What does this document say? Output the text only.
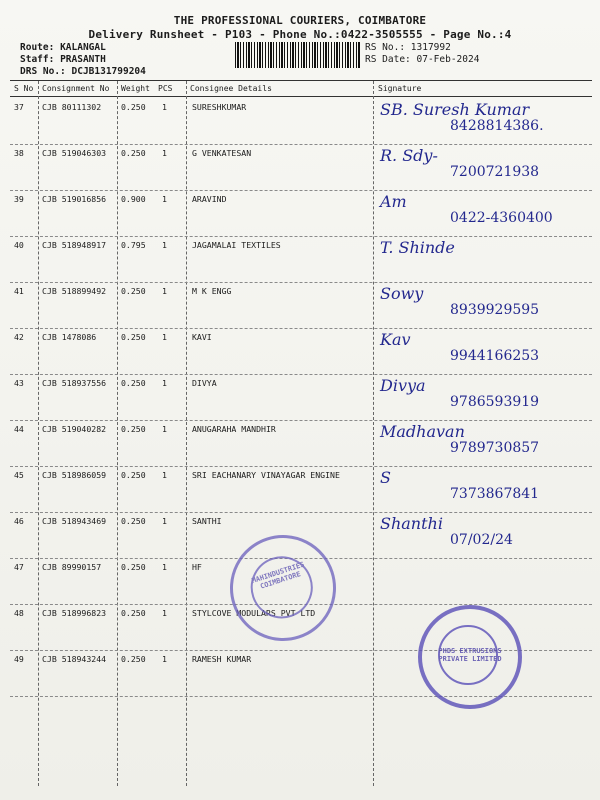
THE PROFESSIONAL COURIERS, COIMBATORE
Delivery Runsheet - P103 - Phone No.:0422-3505555 - Page No.:4
Route: KALANGAL
Staff: PRASANTH
DRS No.: DCJB131799204
RS No.: 1317992
RS Date: 07-Feb-2024
S No Consignment No Weight PCS Consignee Details	Signature
37 CJB 80111302 0.250 1	SURESHKUMAR	SB. Suresh Kumar
8428814386.
38 CJB 519046303 0.250 1	G VENKATESAN	R. Sdy-
7200721938
39 CJB 519016856 0.900 1	ARAVIND	Am
0422-4360400
40 CJB 518948917 0.795 1	JAGAMALAI TEXTILES	T. Shinde
41 CJB 518899492 0.250 1	M K ENGG	Sowy
8939929595
42 CJB 1478086	0.250 1	KAVI	Kav
9944166253
43 CJB 518937556 0.250 1	DIVYA	Divya
9786593919
44 CJB 519040282 0.250 1	ANUGARAHA MANDHIR	Madhavan
9789730857
45 CJB 518986059 0.250 1	SRI EACHANARY VINAYAGAR ENGINE	S
7373867841
46 CJB 518943469 0.250 1	SANTHI	Shanthi
07/02/24
47 CJB 89990157 0.250 1	HF
48 CJB 518996823 0.250 1	STYLCOVE MODULARS PVT LTD
49 CJB 518943244 0.250 1	RAMESH KUMAR
MAHINDUSTRIES COIMBATORE
PHDS EXTRUSIONS PRIVATE LIMITED
